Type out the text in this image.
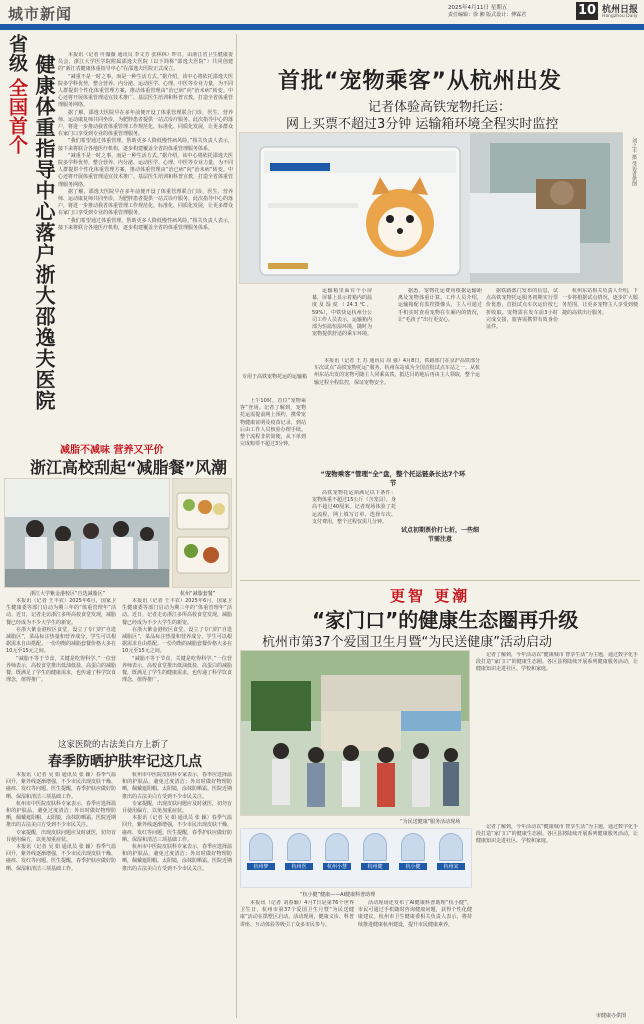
城市新闻	2025年4月11日 星期五
责任编辑：徐 湘 版式设计：傅霖君	10 杭州日报
Hangzhou Daily
省级
全国首个 健康体重指导中心落户浙大邵逸夫医院	本报讯（记者 叶薇薇 通讯员 李文芳 张林林）昨日，由浙江省卫生健康委员会、浙江大学医学院附属邵逸夫医院（以下简称“邵逸夫医院”）共同创建的“浙江省健康体重指导中心”在邵逸夫医院正式成立。

“减重不是一时之事，而是一种生活方式。”据介绍，该中心将依托邵逸夫医院多学科优势，整合营养、内分泌、运动医学、心理、中医等专业力量，为不同人群提供个性化体重管理方案，推动体重管理由“治已病”向“治未病”转变。中心还将开展体重管理适宜技术推广、基层医生培训和科普宣教，打造全省体重管理服务网络。

据了解，邵逸夫医院早在多年前便开设了体重管理联合门诊，医生、营养师、运动康复师共同坐诊，为肥胖患者提供一站式诊疗服务。此次指导中心的落户，将进一步推动我省体重管理工作规范化、标准化、同质化发展，让更多群众在家门口享受到专业的体重管理服务。

“我们希望通过体重管理，帮助更多人降低慢性病风险。”相关负责人表示，接下来将联合各地医疗机构，逐步构建覆盖全省的体重管理服务体系。

“减重不是一时之事，而是一种生活方式。”据介绍，该中心将依托邵逸夫医院多学科优势，整合营养、内分泌、运动医学、心理、中医等专业力量，为不同人群提供个性化体重管理方案，推动体重管理由“治已病”向“治未病”转变。中心还将开展体重管理适宜技术推广、基层医生培训和科普宣教，打造全省体重管理服务网络。

据了解，邵逸夫医院早在多年前便开设了体重管理联合门诊，医生、营养师、运动康复师共同坐诊，为肥胖患者提供一站式诊疗服务。此次指导中心的落户，将进一步推动我省体重管理工作规范化、标准化、同质化发展，让更多群众在家门口享受到专业的体重管理服务。

“我们希望通过体重管理，帮助更多人降低慢性病风险。”相关负责人表示，接下来将联合各地医疗机构，逐步构建覆盖全省的体重管理服务体系。

减脂不减味 营养又平价
浙江高校刮起“减脂餐”风潮
浙江大学紫金港校区“自选减脂区”	杭州“减脂套餐”

本报讯（记者 王丰农）2025年6月，国家卫生健康委等部门启动为期三年的“体重管理年”活动。近日，记者走访浙江多所高校食堂发现，减脂餐已经成为不少大学生的新宠。

在浙大紫金港校区食堂，设立了专门的“自选减脂区”，菜品标注热量和营养成分，学生可以根据需求自由搭配。一份均衡的减脂套餐价格大多在10元至15元之间。

“减脂不等于节食，关键是吃得科学。”一位营养师表示，高校食堂推出低油低盐、高蛋白的减脂餐，既满足了学生的健康需求，也传递了科学饮食理念，值得推广。

本报讯（记者 王丰农）2025年6月，国家卫生健康委等部门启动为期三年的“体重管理年”活动。近日，记者走访浙江多所高校食堂发现，减脂餐已经成为不少大学生的新宠。

在浙大紫金港校区食堂，设立了专门的“自选减脂区”，菜品标注热量和营养成分，学生可以根据需求自由搭配。一份均衡的减脂套餐价格大多在10元至15元之间。

“减脂不等于节食，关键是吃得科学。”一位营养师表示，高校食堂推出低油低盐、高蛋白的减脂餐，既满足了学生的健康需求，也传递了科学饮食理念，值得推广。

这家医院的古法美白方上新了
春季防晒护肤牢记这几点

本报讯（记者 吴 娟 通讯员 张 颖）春季气温回升，紫外线逐渐增强，不少市民出现皮肤干燥、瘙痒、发红等问题。医生提醒，春季护肤应做好防晒、保湿和清洁三项基础工作。

杭州市中医院皮肤科专家表示，春季应选择温和的护肤品，避免过度清洁；外出时做好物理防晒，佩戴遮阳帽、太阳镜，涂抹防晒霜。医院近期推出的古法美白方受到不少市民关注。

专家提醒，出现皮肤问题应及时就医，切勿盲目使用偏方，以免加重症状。

本报讯（记者 吴 娟 通讯员 张 颖）春季气温回升，紫外线逐渐增强，不少市民出现皮肤干燥、瘙痒、发红等问题。医生提醒，春季护肤应做好防晒、保湿和清洁三项基础工作。

杭州市中医院皮肤科专家表示，春季应选择温和的护肤品，避免过度清洁；外出时做好物理防晒，佩戴遮阳帽、太阳镜，涂抹防晒霜。医院近期推出的古法美白方受到不少市民关注。

专家提醒，出现皮肤问题应及时就医，切勿盲目使用偏方，以免加重症状。

本报讯（记者 吴 娟 通讯员 张 颖）春季气温回升，紫外线逐渐增强，不少市民出现皮肤干燥、瘙痒、发红等问题。医生提醒，春季护肤应做好防晒、保湿和清洁三项基础工作。

杭州市中医院皮肤科专家表示，春季应选择温和的护肤品，避免过度清洁；外出时做好物理防晒，佩戴遮阳帽、太阳镜，涂抹防晒霜。医院近期推出的古法美白方受到不少市民关注。

首批“宠物乘客”从杭州出发
记者体验高铁宠物托运：
网上买票不超过3分钟 运输箱环境全程实时监控
CRE中铁快运	刘之丰 摄 受访者供图
专用于高铁宠物托运的运输箱
运输箱里面有个小屏幕，屏幕上显示着箱内的温度及湿度（24.3℃，59%），中铁快运杭州分公司工作人员表示，运输箱内部为恒温恒湿环境，随时为宠物提供舒适的乘车环境。
上午10时，首位“宠物乘客”登场。记者了解到，宠物托运需提前网上预约，携带宠物健康证明及疫苗记录，到站后由工作人员核验办理手续。整个流程非常简便，从下单到完成购票不超过3分钟。
本报讯（记者 王 苏 通讯员 周 强）4月8日，铁路部门在京沪高铁部分车次试点“高铁宠物托运”服务，杭州东站成为全国首批试点车站之一。从杭州东站出发的宠物可随主人同乘高铁，抵达目的地后再由主人领取，整个运输过程全程监控，保证宠物安全。
“宠物乘客”管理“全”盘，整个托运链条长达7个环节
高铁宠物托运须满足以下条件：宠物体重不超过15公斤（含笼具），身高不超过40厘米。记者现场体验了托运流程，网上填写订单、选择车次、支付费用，整个过程仅需几分钟。
据悉，宠物托运费用根据运输距离及宠物体重计算。工作人员介绍，运输箱配有监控摄像头，主人可通过手机实时查看宠物在车厢内的情况，让“毛孩子”出行更安心。
试点初期票价打七折，一些细节需注意
据铁路部门发布的信息，试点高铁宠物托运服务初期实行票价优惠，首批试点车次运价按七折收取。宠物需在发车前3小时完成交接，旅客需携带有效身份证件。
杭州东站相关负责人介绍，下一步将根据试点情况，逐步扩大服务范围，让更多宠物主人享受到便捷的高铁出行服务。
更智 更潮
“家门口”的健康生态圈再升级
杭州市第37个爱国卫生月暨“为民送健康”活动启动
“为民送健康”服务活动现场
记者了解到，今年活动以“健康城市 智享生活”为主题，通过数字化手段打造“家门口”的健康生态圈。各区县将陆续开展系列健康服务活动，让健康知识走进社区、学校和家庭。
杭州梦	杭州医	杭州小慧	杭州健	杭小健	杭州宋
“杭小健”健康——AI健康科普助理
本报讯（记者 刘春颖）4月7日是第76个世界卫生日，杭州市第37个爱国卫生月暨“为民送健康”活动在拱墅区启动。活动现场，健康义诊、科普讲座、互动体验等吸引了众多市民参与。
活动现场还发布了AI健康科普助理“杭小健”，市民可通过手机随时咨询健康问题，获得个性化健康建议。杭州市卫生健康委相关负责人表示，将持续推进健康杭州建设，提升市民健康素养。
记者了解到，今年活动以“健康城市 智享生活”为主题，通过数字化手段打造“家门口”的健康生态圈。各区县将陆续开展系列健康服务活动，让健康知识走进社区、学校和家庭。
市健康办供图
